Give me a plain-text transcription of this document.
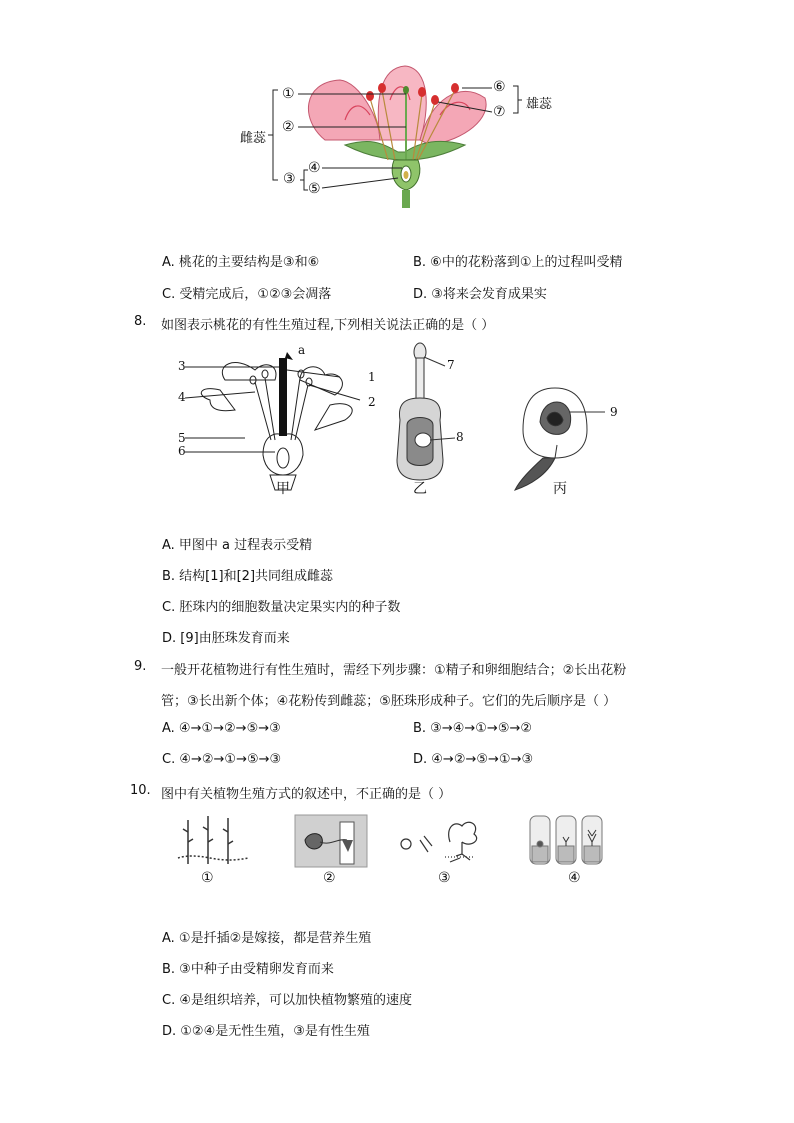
雌蕊
雄蕊
①
②
③
④
⑤
⑥
⑦
A. 桃花的主要结构是③和⑥	B. ⑥中的花粉落到①上的过程叫受精
C. 受精完成后，①②③会凋落	D. ③将来会发育成果实
8. 如图表示桃花的有性生殖过程,下列相关说法正确的是（ ）
a
3
1
4	2
5
6
7
8
9
甲	乙	丙
A. 甲图中 a 过程表示受精
B. 结构[1]和[2]共同组成雌蕊
C. 胚珠内的细胞数量决定果实内的种子数
D. [9]由胚珠发育而来
9. 一般开花植物进行有性生殖时，需经下列步骤：①精子和卵细胞结合；②长出花粉
管；③长出新个体；④花粉传到雌蕊；⑤胚珠形成种子。它们的先后顺序是（ ）
A. ④→①→②→⑤→③	B. ③→④→①→⑤→②
C. ④→②→①→⑤→③	D. ④→②→⑤→①→③
10. 图中有关植物生殖方式的叙述中，不正确的是（ ）
①	②	③	④
A. ①是扦插②是嫁接，都是营养生殖
B. ③中种子由受精卵发育而来
C. ④是组织培养，可以加快植物繁殖的速度
D. ①②④是无性生殖，③是有性生殖
